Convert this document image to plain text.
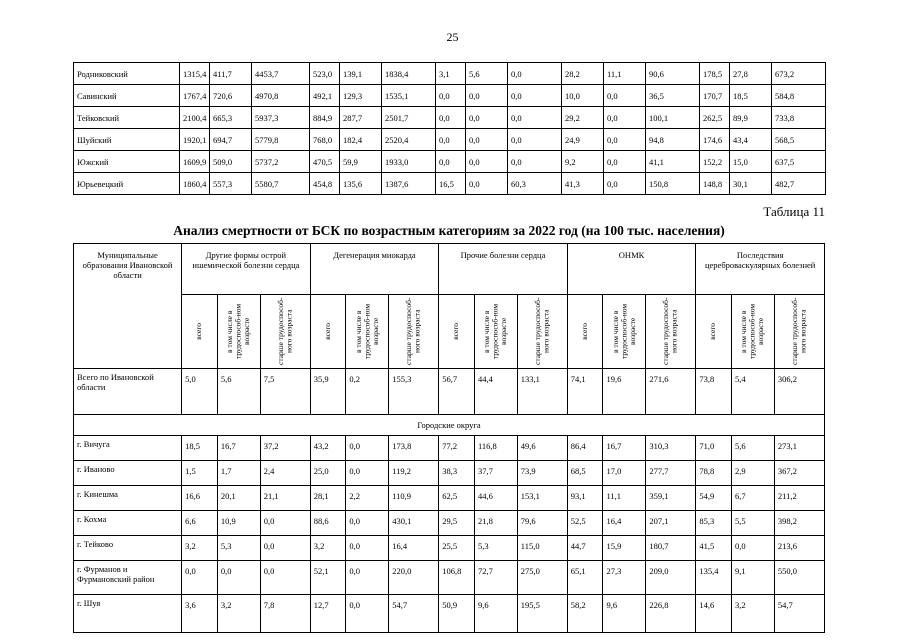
25
Родниковский	1315,4	411,7	4453,7	523,0	139,1	1838,4	3,1	5,6	0,0	28,2	11,1	90,6	178,5	27,8	673,2
Савинский	1767,4	720,6	4970,8	492,1	129,3	1535,1	0,0	0,0	0,0	10,0	0,0	36,5	170,7	18,5	584,8
Тейковский	2100,4	665,3	5937,3	884,9	287,7	2501,7	0,0	0,0	0,0	29,2	0,0	100,1	262,5	89,9	733,8
Шуйский	1920,1	694,7	5779,8	768,0	182,4	2520,4	0,0	0,0	0,0	24,9	0,0	94,8	174,6	43,4	568,5
Южский	1609,9	509,0	5737,2	470,5	59,9	1933,0	0,0	0,0	0,0	9,2	0,0	41,1	152,2	15,0	637,5
Юрьевецкий	1860,4	557,3	5580,7	454,8	135,6	1387,6	16,5	0,0	60,3	41,3	0,0	150,8	148,8	30,1	482,7
Таблица 11
Анализ смертности от БСК по возрастным категориям за 2022 год (на 100 тыс. населения)
Муниципальные образования Ивановской области	Другие формы острой ишемической болезни сердца			Дегенерация миокарда			Прочие болезни сердца			ОНМК			Последствия цереброваскулярных болезней		

	всего	в том числе в трудоспособ-ном возрасте	старше трудоспособ-ного возраста	всего	в том числе в трудоспособ-ном возрасте	старше трудоспособ-ного возраста	всего	в том числе в трудоспособ-ном возрасте	старше трудоспособ-ного возраста	всего	в том числе в трудоспособ-ном возрасте	старше трудоспособ-ного возраста	всего	в том числе в трудоспособ-ном возрасте	старше трудоспособ-ного возраста

Всего по Ивановской области	5,0	5,6	7,5	35,9	0,2	155,3	56,7	44,4	133,1	74,1	19,6	271,6	73,8	5,4	306,2
Городские округа															
г. Вичуга	18,5	16,7	37,2	43,2	0,0	173,8	77,2	116,8	49,6	86,4	16,7	310,3	71,0	5,6	273,1
г. Иваново	1,5	1,7	2,4	25,0	0,0	119,2	38,3	37,7	73,9	68,5	17,0	277,7	78,8	2,9	367,2
г. Кинешма	16,6	20,1	21,1	28,1	2,2	110,9	62,5	44,6	153,1	93,1	11,1	359,1	54,9	6,7	211,2
г. Кохма	6,6	10,9	0,0	88,6	0,0	430,1	29,5	21,8	79,6	52,5	16,4	207,1	85,3	5,5	398,2
г. Тейково	3,2	5,3	0,0	3,2	0,0	16,4	25,5	5,3	115,0	44,7	15,9	180,7	41,5	0,0	213,6
г. Фурманов и Фурмановский район	0,0	0,0	0,0	52,1	0,0	220,0	106,8	72,7	275,0	65,1	27,3	209,0	135,4	9,1	550,0
г. Шуя	3,6	3,2	7,8	12,7	0,0	54,7	50,9	9,6	195,5	58,2	9,6	226,8	14,6	3,2	54,7
